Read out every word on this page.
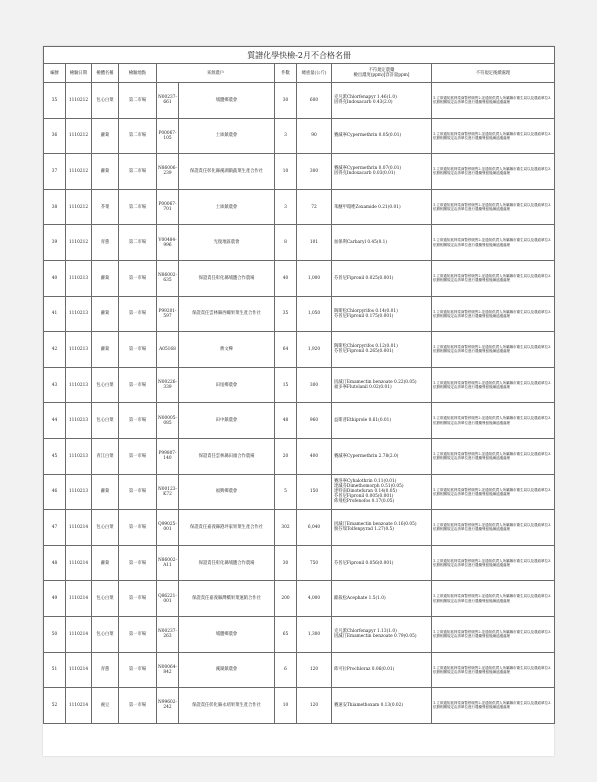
質譜化學快檢-2月不合格名冊									
編號	檢驗日期	檢體名稱	檢驗地點	來源農戶		件數	總重量(公斤)	不符規定農藥
檢出濃度(ppm)[容許量ppm]	不符規定後續處理
35	1110212	包心白菜	第二市場	N00237-661	埔鹽鄉農會	30	600	克凡派Chlorfenapyr 1.46(1.0)
因得克Indoxacarb 0.43(2.0)	1.立即通知抵押菜商暫停販售2.並通知供貨人所屬縣市衛生局以及農政單位3.依據相關規定由該單位進行農藥殘留後續追蹤處理
36	1110212	蘿蔔	第二市場	P00067-105	土庫鎮農會	3	90	賽滅寧Cypermethrin 0.05(0.01)	1.立即通知抵押菜商暫停販售2.並通知供貨人所屬縣市衛生局以及農政單位3.依據相關規定由該單位進行農藥殘留後續追蹤處理
37	1110212	蘿蔔	第二市場	N86006-239	保證責任彰化縣溪湖鎮蔬菜生產合作社	10	300	賽滅寧Cypermethrin 0.07(0.01)
因得克Indoxacarb 0.03(0.01)	1.立即通知抵押菜商暫停販售2.並通知供貨人所屬縣市衛生局以及農政單位3.依據相關規定由該單位進行農藥殘留後續追蹤處理
38	1110212	芥菜	第二市場	P00067-701	土庫鎮農會	3	72	苯醚甲環唑Zoxamide 0.21(0.01)	1.立即通知抵押菜商暫停販售2.並通知供貨人所屬縣市衛生局以及農政單位3.依據相關規定由該單位進行農藥殘留後續追蹤處理
39	1110212	青蔥	第二市場	V00484-996	光復地區農會	8	101	加保利Carbaryl 0.45(0.1)	1.立即通知抵押菜商暫停販售2.並通知供貨人所屬縣市衛生局以及農政單位3.依據相關規定由該單位進行農藥殘留後續追蹤處理
40	1110213	蘿蔔	第一市場	N86002-635	保證責任彰化縣埔鹽合作農場	40	1,000	芬普尼Fipronil 0.025(0.001)	1.立即通知抵押菜商暫停販售2.並通知供貨人所屬縣市衛生局以及農政單位3.依據相關規定由該單位進行農藥殘留後續追蹤處理
41	1110213	蘿蔔	第一市場	P99201-597	保證責任雲林縣西螺果菜生產合作社	35	1,050	陶斯松Chlorpyrifos 0.14(0.01)
芬普尼Fipronil 0.175(0.001)	1.立即通知抵押菜商暫停販售2.並通知供貨人所屬縣市衛生局以及農政單位3.依據相關規定由該單位進行農藥殘留後續追蹤處理
42	1110213	蘿蔔	第一市場	A05168	蔣文樺	64	1,920	陶斯松Chlorpyrifos 0.12(0.01)
芬普尼Fipronil 0.265(0.001)	1.立即通知抵押菜商暫停販售2.並通知供貨人所屬縣市衛生局以及農政單位3.依據相關規定由該單位進行農藥殘留後續追蹤處理
43	1110213	包心白菜	第一市場	N00226-339	田尾鄉農會	15	300	因滅汀Emamectin benzoate 0.22(0.05)
福多寧Flutolanil 0.02(0.01)	1.立即通知抵押菜商暫停販售2.並通知供貨人所屬縣市衛生局以及農政單位3.依據相關規定由該單位進行農藥殘留後續追蹤處理
44	1110213	包心白菜	第一市場	N00005-085	田中鎮農會	48	960	益斯普Ethiprole 0.61(0.01)	1.立即通知抵押菜商暫停販售2.並通知供貨人所屬縣市衛生局以及農政單位3.依據相關規定由該單位進行農藥殘留後續追蹤處理
45	1110213	青江白菜	第一市場	P99807-140	保證責任雲林縣田頭合作農場	20	400	賽滅寧Cypermethrin 2.78(2.0)	1.立即通知抵押菜商暫停販售2.並通知供貨人所屬縣市衛生局以及農政單位3.依據相關規定由該單位進行農藥殘留後續追蹤處理
46	1110213	蘿蔔	第一市場	N00123-K72	福興鄉農會	5	150	賽洛寧Cyhalothrin 0.11(0.01)
達滅芬Dimethomorph 0.51(0.05)
達特南Dinotefuran 0.14(0.05)
芬普尼Fipronil 0.005(0.001)
佈飛松Profenofos 0.17(0.05)	1.立即通知抵押菜商暫停販售2.並通知供貨人所屬縣市衛生局以及農政單位3.依據相關規定由該單位進行農藥殘留後續追蹤處理
47	1110214	包心白菜	第一市場	Q99025-001	保證責任嘉義縣港坪家果菜生產合作社	302	6,040	因滅汀Emamectin benzoate 0.16(0.05)
脫芬瑞Tolfenpyrad 1.27(0.5)	1.立即通知抵押菜商暫停販售2.並通知供貨人所屬縣市衛生局以及農政單位3.依據相關規定由該單位進行農藥殘留後續追蹤處理
48	1110214	蘿蔔	第一市場	N86002-A11	保證責任彰化縣埔鹽合作農場	30	750	芬普尼Fipronil 0.056(0.001)	1.立即通知抵押菜商暫停販售2.並通知供貨人所屬縣市衛生局以及農政單位3.依據相關規定由該單位進行農藥殘留後續追蹤處理
49	1110214	包心白菜	第一市場	Q86221-001	保證責任嘉義縣灣橋果菜運銷合作社	200	4,000	歐殺松Acephate 1.5(1.0)	1.立即通知抵押菜商暫停販售2.並通知供貨人所屬縣市衛生局以及農政單位3.依據相關規定由該單位進行農藥殘留後續追蹤處理
50	1110214	包心白菜	第一市場	N00237-263	埔鹽鄉農會	65	1,300	克凡派Chlorfenapyr 1.13(1.0)
因滅汀Emamectin benzoate 0.79(0.05)	1.立即通知抵押菜商暫停販售2.並通知供貨人所屬縣市衛生局以及農政單位3.依據相關規定由該單位進行農藥殘留後續追蹤處理
51	1110214	青蔥	第一市場	N00064-842	溪湖鎮農會	6	120	佈可拉Prochloraz 0.06(0.01)	1.立即通知抵押菜商暫停販售2.並通知供貨人所屬縣市衛生局以及農政單位3.依據相關規定由該單位進行農藥殘留後續追蹤處理
52	1110214	豌豆	第一市場	N99602-242	保證責任彰化縣永靖果菜生產合作社	10	120	賽速安Thiamethoxam 0.13(0.02)	1.立即通知抵押菜商暫停販售2.並通知供貨人所屬縣市衛生局以及農政單位3.依據相關規定由該單位進行農藥殘留後續追蹤處理
